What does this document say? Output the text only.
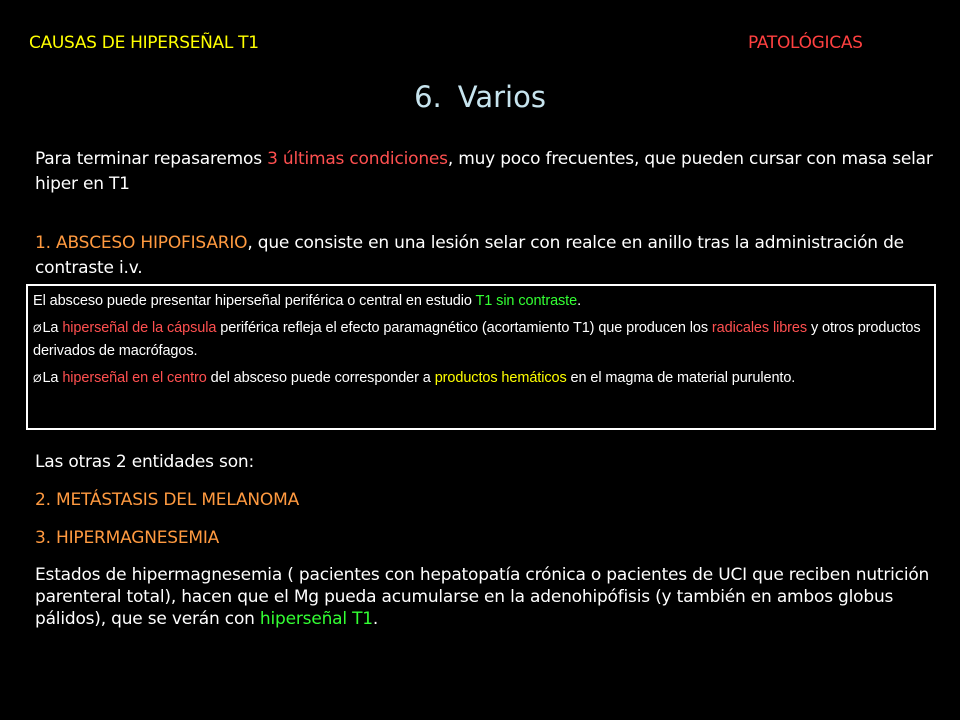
CAUSAS DE HIPERSEÑAL T1	PATOLÓGICAS
6. Varios
Para terminar repasaremos 3 últimas condiciones, muy poco frecuentes, que pueden cursar con masa selar hiper en T1
1. ABSCESO HIPOFISARIO, que consiste en una lesión selar con realce en anillo tras la administración de contraste i.v.

El absceso puede presentar hiperseñal periférica o central en estudio T1 sin contraste.

ØLa hiperseñal de la cápsula periférica refleja el efecto paramagnético (acortamiento T1) que producen los radicales libres y otros productos derivados de macrófagos.

ØLa hiperseñal en el centro del absceso puede corresponder a productos hemáticos en el magma de material purulento.

Las otras 2 entidades son:
2. METÁSTASIS DEL MELANOMA
3. HIPERMAGNESEMIA
Estados de hipermagnesemia ( pacientes con hepatopatía crónica o pacientes de UCI que reciben nutrición parenteral total), hacen que el Mg pueda acumularse en la adenohipófisis (y también en ambos globus pálidos), que se verán con hiperseñal T1.
